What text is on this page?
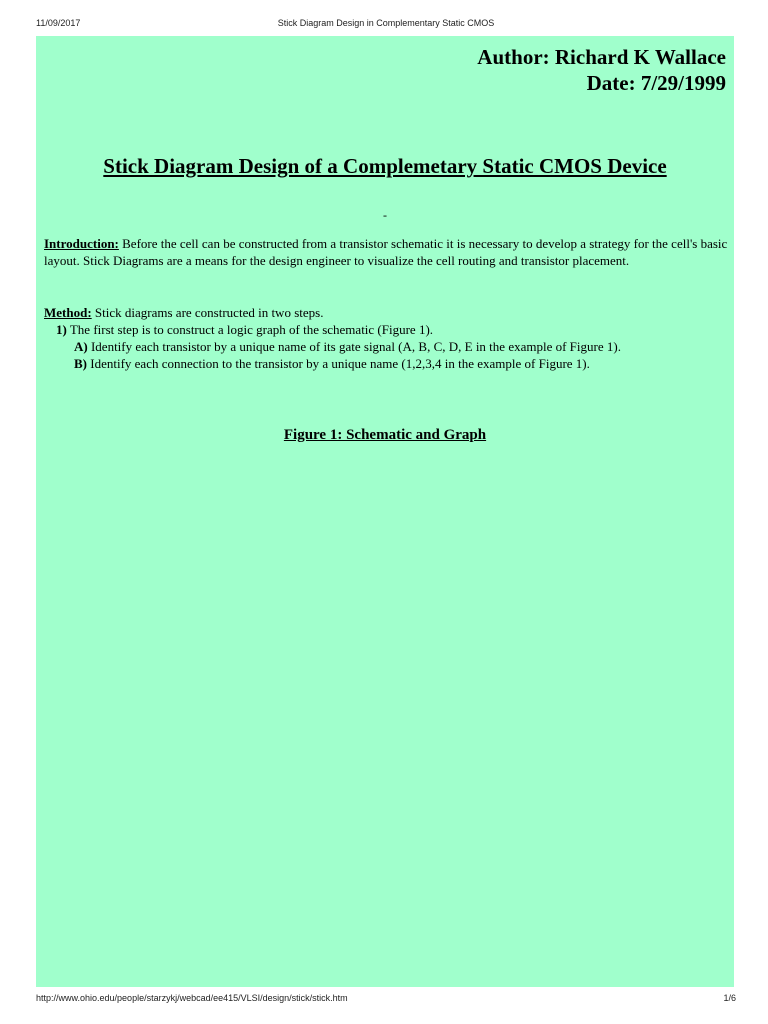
11/09/2017	Stick Diagram Design in Complementary Static CMOS
Author: Richard K Wallace
Date: 7/29/1999
Stick Diagram Design of a Complemetary Static CMOS Device
-
Introduction: Before the cell can be constructed from a transistor schematic it is necessary to develop a strategy for the cell's basic layout. Stick Diagrams are a means for the design engineer to visualize the cell routing and transistor placement.
Method: Stick diagrams are constructed in two steps.
1) The first step is to construct a logic graph of the schematic (Figure 1).
A) Identify each transistor by a unique name of its gate signal (A, B, C, D, E in the example of Figure 1).
B) Identify each connection to the transistor by a unique name (1,2,3,4 in the example of Figure 1).
Figure 1: Schematic and Graph
http://www.ohio.edu/people/starzykj/webcad/ee415/VLSI/design/stick/stick.htm	1/6
